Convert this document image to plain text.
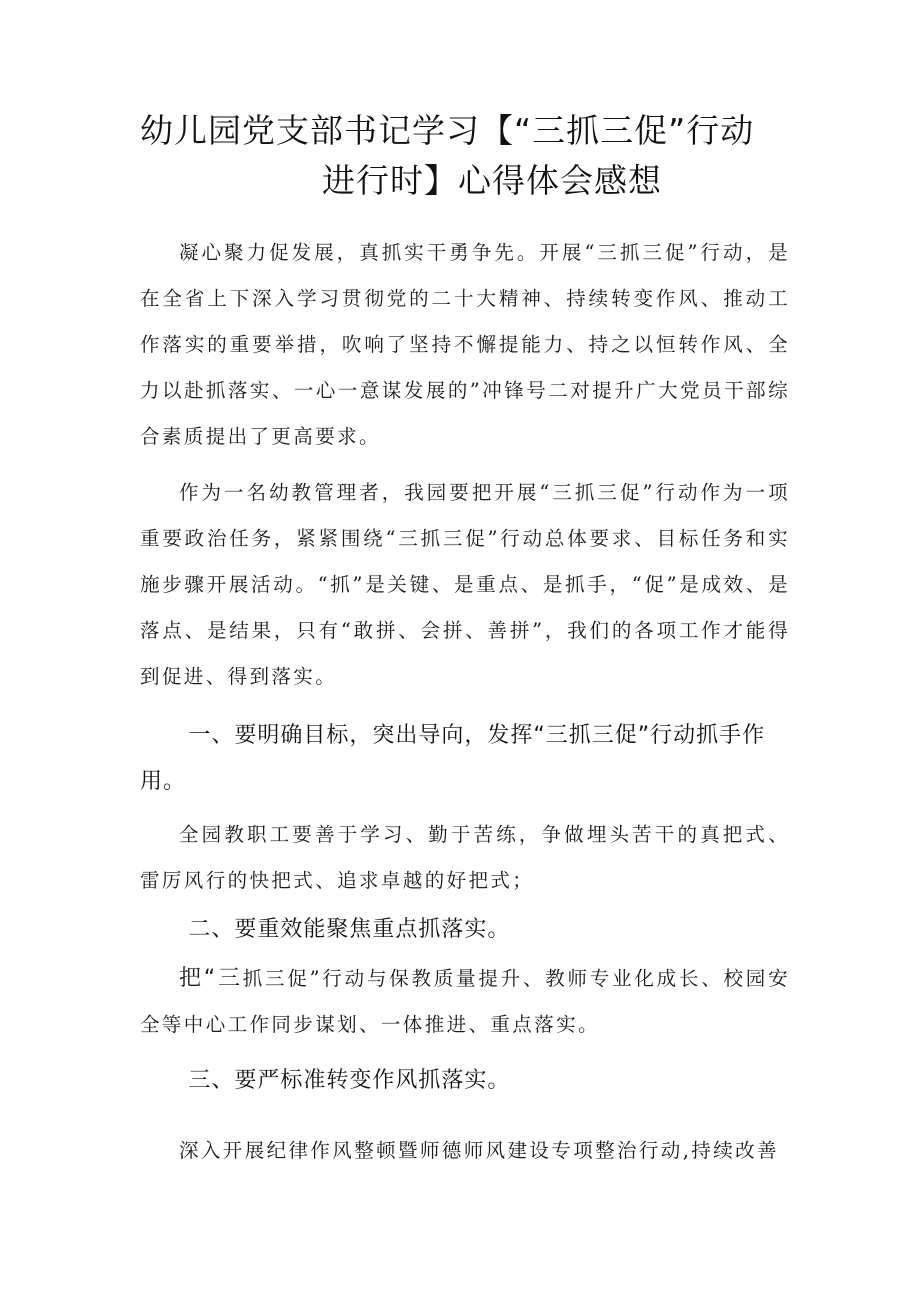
幼儿园党支部书记学习【“三抓三促”行动
进行时】心得体会感想

凝心聚力促发展，真抓实干勇争先。开展“三抓三促”行动，是在全省上下深入学习贯彻党的二十大精神、持续转变作风、推动工作落实的重要举措，吹响了坚持不懈提能力、持之以恒转作风、全力以赴抓落实、一心一意谋发展的”冲锋号二对提升广大党员干部综合素质提出了更高要求。

作为一名幼教管理者，我园要把开展“三抓三促”行动作为一项重要政治任务，紧紧围绕“三抓三促”行动总体要求、目标任务和实施步骤开展活动。“抓”是关键、是重点、是抓手，“促”是成效、是落点、是结果，只有“敢拼、会拼、善拼”，我们的各项工作才能得到促进、得到落实。

一、要明确目标，突出导向，发挥“三抓三促”行动抓手作用。

全园教职工要善于学习、勤于苦练，争做埋头苦干的真把式、雷厉风行的快把式、追求卓越的好把式；

二、要重效能聚焦重点抓落实。

把“三抓三促”行动与保教质量提升、教师专业化成长、校园安全等中心工作同步谋划、一体推进、重点落实。

三、要严标准转变作风抓落实。

深入开展纪律作风整顿暨师德师风建设专项整治行动,持续改善
